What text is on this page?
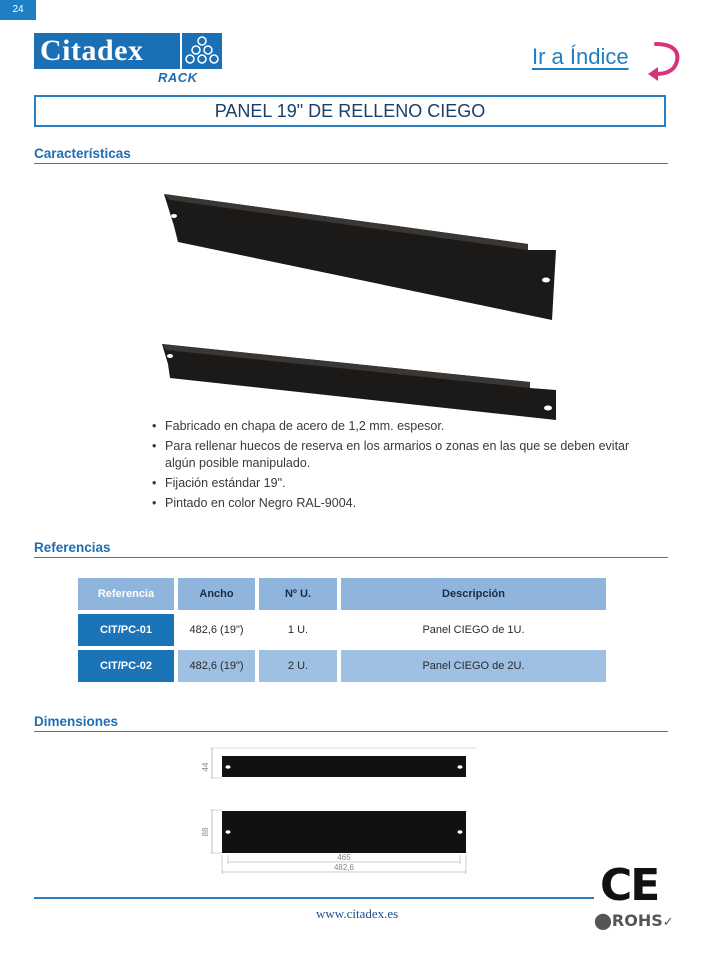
24
Citadex
RACK
Ir a Índice
PANEL 19" DE RELLENO CIEGO
Características
• Fabricado en chapa de acero de 1,2 mm. espesor.
• Para rellenar huecos de reserva en los armarios o zonas en las que se deben evitar algún posible manipulado.
• Fijación estándar 19".
• Pintado en color Negro RAL-9004.
Referencias
Referencia	Ancho	Nº U.	Descripción
CIT/PC-01	482,6 (19")	1 U.	Panel CIEGO de 1U.
CIT/PC-02	482,6 (19")	2 U.	Panel CIEGO de 2U.
Dimensiones
44
88
465
482,6
www.citadex.es
CE
⬤ROHS✓
